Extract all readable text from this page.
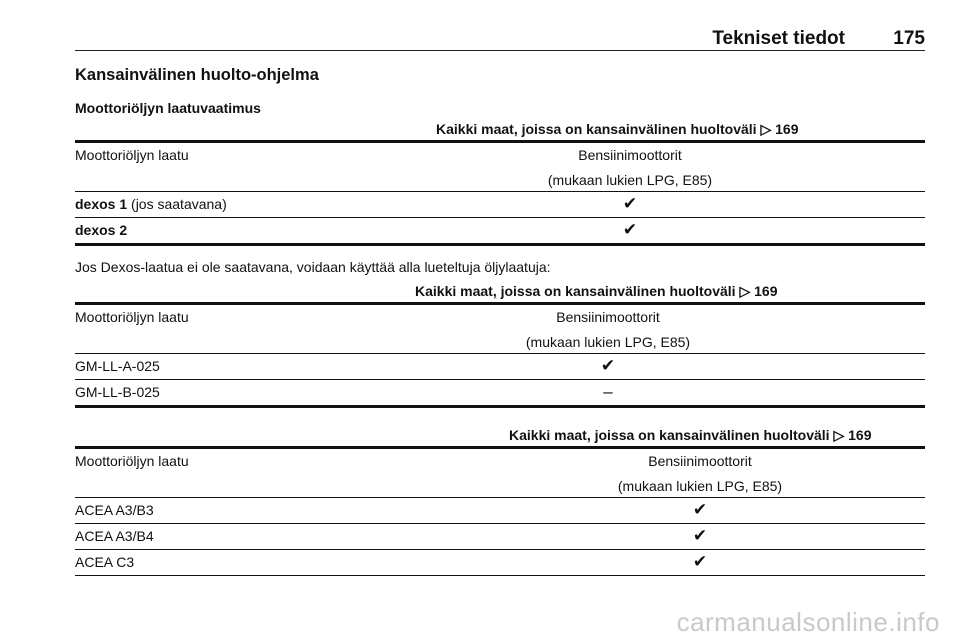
Tekniset tiedot	175
Kansainvälinen huolto-ohjelma
Moottoriöljyn laatuvaatimus
Kaikki maat, joissa on kansainvälinen huoltoväli ▷ 169
Moottoriöljyn laatu	Bensiinimoottorit
(mukaan lukien LPG, E85)
dexos 1 (jos saatavana)	✔
dexos 2	✔
Jos Dexos-laatua ei ole saatavana, voidaan käyttää alla lueteltuja öljylaatuja:
Kaikki maat, joissa on kansainvälinen huoltoväli ▷ 169
Moottoriöljyn laatu	Bensiinimoottorit
(mukaan lukien LPG, E85)
GM-LL-A-025	✔
GM-LL-B-025	–
Kaikki maat, joissa on kansainvälinen huoltoväli ▷ 169
Moottoriöljyn laatu	Bensiinimoottorit
(mukaan lukien LPG, E85)
ACEA A3/B3	✔
ACEA A3/B4	✔
ACEA C3	✔
carmanualsonline.info
